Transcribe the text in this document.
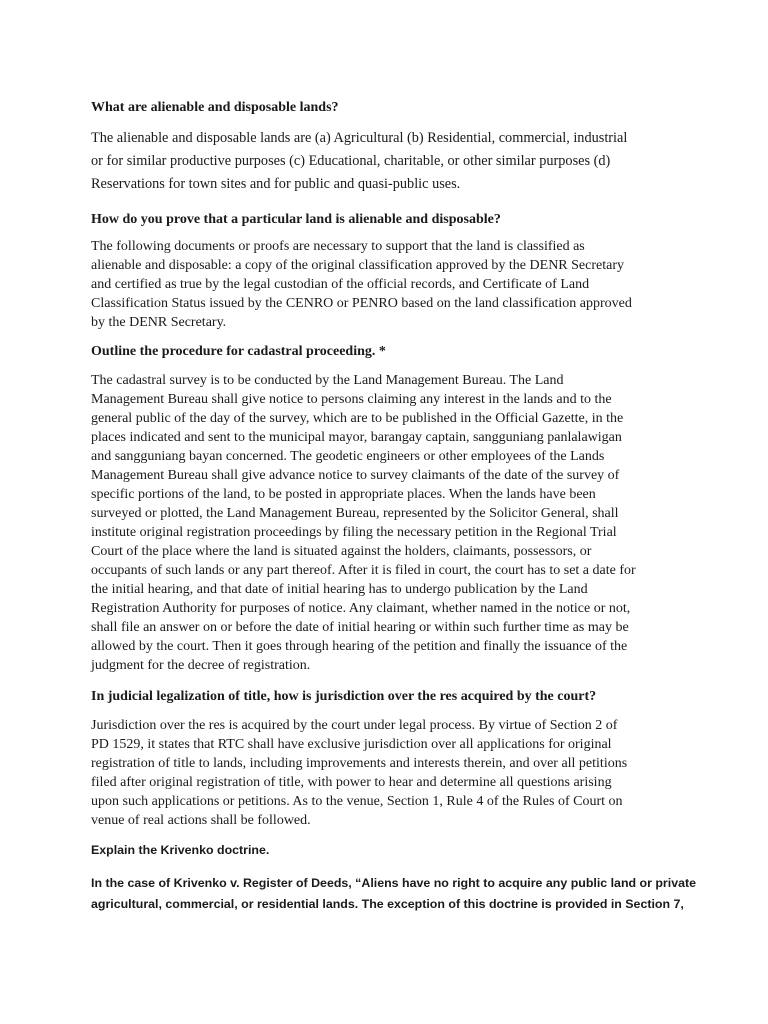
What are alienable and disposable lands?

The alienable and disposable lands are (a) Agricultural (b) Residential, commercial, industrial
or for similar productive purposes (c) Educational, charitable, or other similar purposes (d)
Reservations for town sites and for public and quasi-public uses.

How do you prove that a particular land is alienable and disposable?

The following documents or proofs are necessary to support that the land is classified as
alienable and disposable: a copy of the original classification approved by the DENR Secretary
and certified as true by the legal custodian of the official records, and Certificate of Land
Classification Status issued by the CENRO or PENRO based on the land classification approved
by the DENR Secretary.

Outline the procedure for cadastral proceeding. *

The cadastral survey is to be conducted by the Land Management Bureau. The Land
Management Bureau shall give notice to persons claiming any interest in the lands and to the
general public of the day of the survey, which are to be published in the Official Gazette, in the
places indicated and sent to the municipal mayor, barangay captain, sangguniang panlalawigan
and sangguniang bayan concerned. The geodetic engineers or other employees of the Lands
Management Bureau shall give advance notice to survey claimants of the date of the survey of
specific portions of the land, to be posted in appropriate places. When the lands have been
surveyed or plotted, the Land Management Bureau, represented by the Solicitor General, shall
institute original registration proceedings by filing the necessary petition in the Regional Trial
Court of the place where the land is situated against the holders, claimants, possessors, or
occupants of such lands or any part thereof. After it is filed in court, the court has to set a date for
the initial hearing, and that date of initial hearing has to undergo publication by the Land
Registration Authority for purposes of notice. Any claimant, whether named in the notice or not,
shall file an answer on or before the date of initial hearing or within such further time as may be
allowed by the court. Then it goes through hearing of the petition and finally the issuance of the
judgment for the decree of registration.

In judicial legalization of title, how is jurisdiction over the res acquired by the court?

Jurisdiction over the res is acquired by the court under legal process. By virtue of Section 2 of
PD 1529, it states that RTC shall have exclusive jurisdiction over all applications for original
registration of title to lands, including improvements and interests therein, and over all petitions
filed after original registration of title, with power to hear and determine all questions arising
upon such applications or petitions. As to the venue, Section 1, Rule 4 of the Rules of Court on
venue of real actions shall be followed.

Explain the Krivenko doctrine.

In the case of Krivenko v. Register of Deeds, “Aliens have no right to acquire any public land or private
agricultural, commercial, or residential lands. The exception of this doctrine is provided in Section 7,
